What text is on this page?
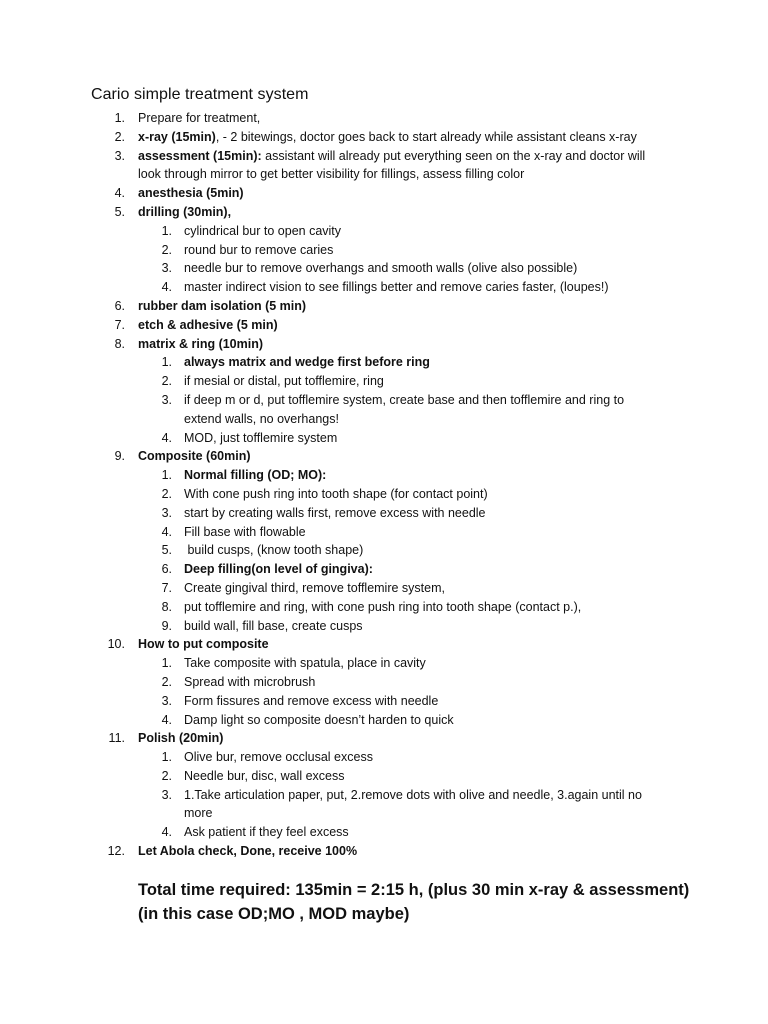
Cario simple treatment system
1. Prepare for treatment,
2. x-ray (15min), - 2 bitewings, doctor goes back to start already while assistant cleans x-ray
3. assessment (15min): assistant will already put everything seen on the x-ray and doctor will look through mirror to get better visibility for fillings, assess filling color
4. anesthesia (5min)
5. drilling (30min),
1. cylindrical bur to open cavity
2. round bur to remove caries
3. needle bur to remove overhangs and smooth walls (olive also possible)
4. master indirect vision to see fillings better and remove caries faster, (loupes!)
6. rubber dam isolation (5 min)
7. etch & adhesive (5 min)
8. matrix & ring (10min)
1. always matrix and wedge first before ring
2. if mesial or distal, put tofflemire, ring
3. if deep m or d, put tofflemire system, create base and then tofflemire and ring to extend walls, no overhangs!
4. MOD, just tofflemire system
9. Composite (60min)
1. Normal filling (OD; MO):
2. With cone push ring into tooth shape (for contact point)
3. start by creating walls first, remove excess with needle
4. Fill base with flowable
5. build cusps, (know tooth shape)
6. Deep filling(on level of gingiva):
7. Create gingival third, remove tofflemire system,
8. put tofflemire and ring, with cone push ring into tooth shape (contact p.),
9. build wall, fill base, create cusps
10. How to put composite
1. Take composite with spatula, place in cavity
2. Spread with microbrush
3. Form fissures and remove excess with needle
4. Damp light so composite doesn’t harden to quick
11. Polish (20min)
1. Olive bur, remove occlusal excess
2. Needle bur, disc, wall excess
3. 1.Take articulation paper, put, 2.remove dots with olive and needle, 3.again until no more
4. Ask patient if they feel excess
12. Let Abola check, Done, receive 100%
Total time required: 135min = 2:15 h, (plus 30 min x-ray & assessment)
(in this case OD;MO , MOD maybe)
